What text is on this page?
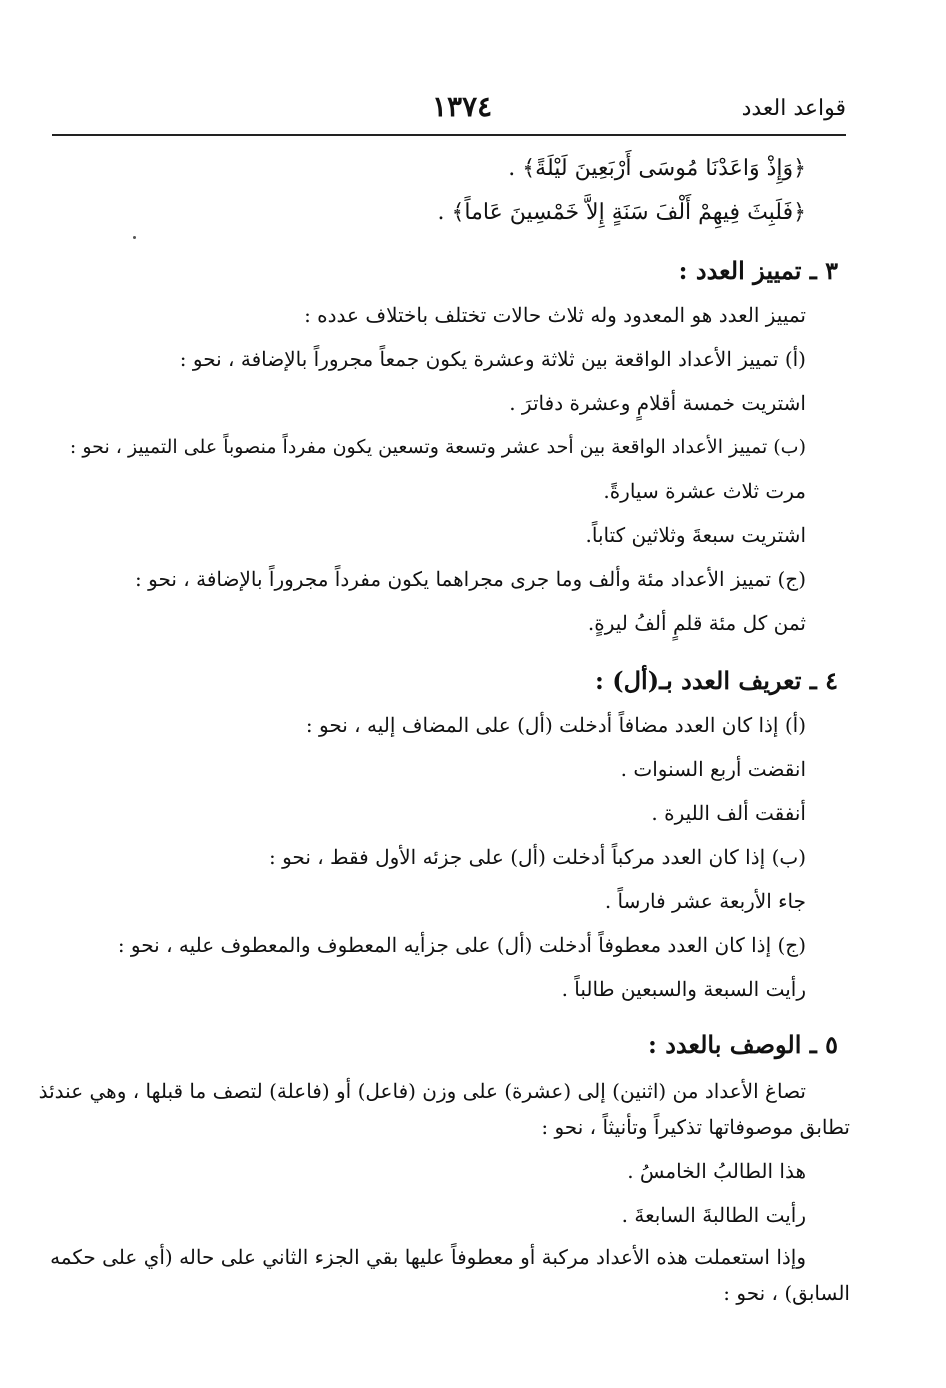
قواعد العدد
١٣٧٤
﴿وَإِذْ وَاعَدْنَا مُوسَى أَرْبَعِينَ لَيْلَةً﴾ .
﴿فَلَبِثَ فِيهِمْ أَلْفَ سَنَةٍ إِلاَّ خَمْسِينَ عَاماً﴾ .
٣ ـ تمييز العدد :
تمييز العدد هو المعدود وله ثلاث حالات تختلف باختلاف عدده :
(أ) تمييز الأعداد الواقعة بين ثلاثة وعشرة يكون جمعاً مجروراً بالإضافة ، نحو :
اشتريت خمسة أقلامٍ وعشرة دفاترَ .
(ب) تمييز الأعداد الواقعة بين أحد عشر وتسعة وتسعين يكون مفرداً منصوباً على التمييز ، نحو :
مرت ثلاث عشرة سيارةً.
اشتريت سبعةَ وثلاثين كتاباً.
(ج) تمييز الأعداد مئة وألف وما جرى مجراهما يكون مفرداً مجروراً بالإضافة ، نحو :
ثمن كل مئة قلمٍ ألفُ ليرةٍ.
٤ ـ تعريف العدد بـ(أل) :
(أ) إذا كان العدد مضافاً أدخلت (أل) على المضاف إليه ، نحو :
انقضت أربع السنوات .
أنفقت ألف الليرة .
(ب) إذا كان العدد مركباً أدخلت (أل) على جزئه الأول فقط ، نحو :
جاء الأربعة عشر فارساً .
(ج) إذا كان العدد معطوفاً أدخلت (أل) على جزأيه المعطوف والمعطوف عليه ، نحو :
رأيت السبعة والسبعين طالباً .
٥ ـ الوصف بالعدد :
تصاغ الأعداد من (اثنين) إلى (عشرة) على وزن (فاعل) أو (فاعلة) لتصف ما قبلها ، وهي عندئذ
تطابق موصوفاتها تذكيراً وتأنيثاً ، نحو :
هذا الطالبُ الخامسُ .
رأيت الطالبةَ السابعةَ .
وإذا استعملت هذه الأعداد مركبة أو معطوفاً عليها بقي الجزء الثاني على حاله (أي على حكمه
السابق) ، نحو :
